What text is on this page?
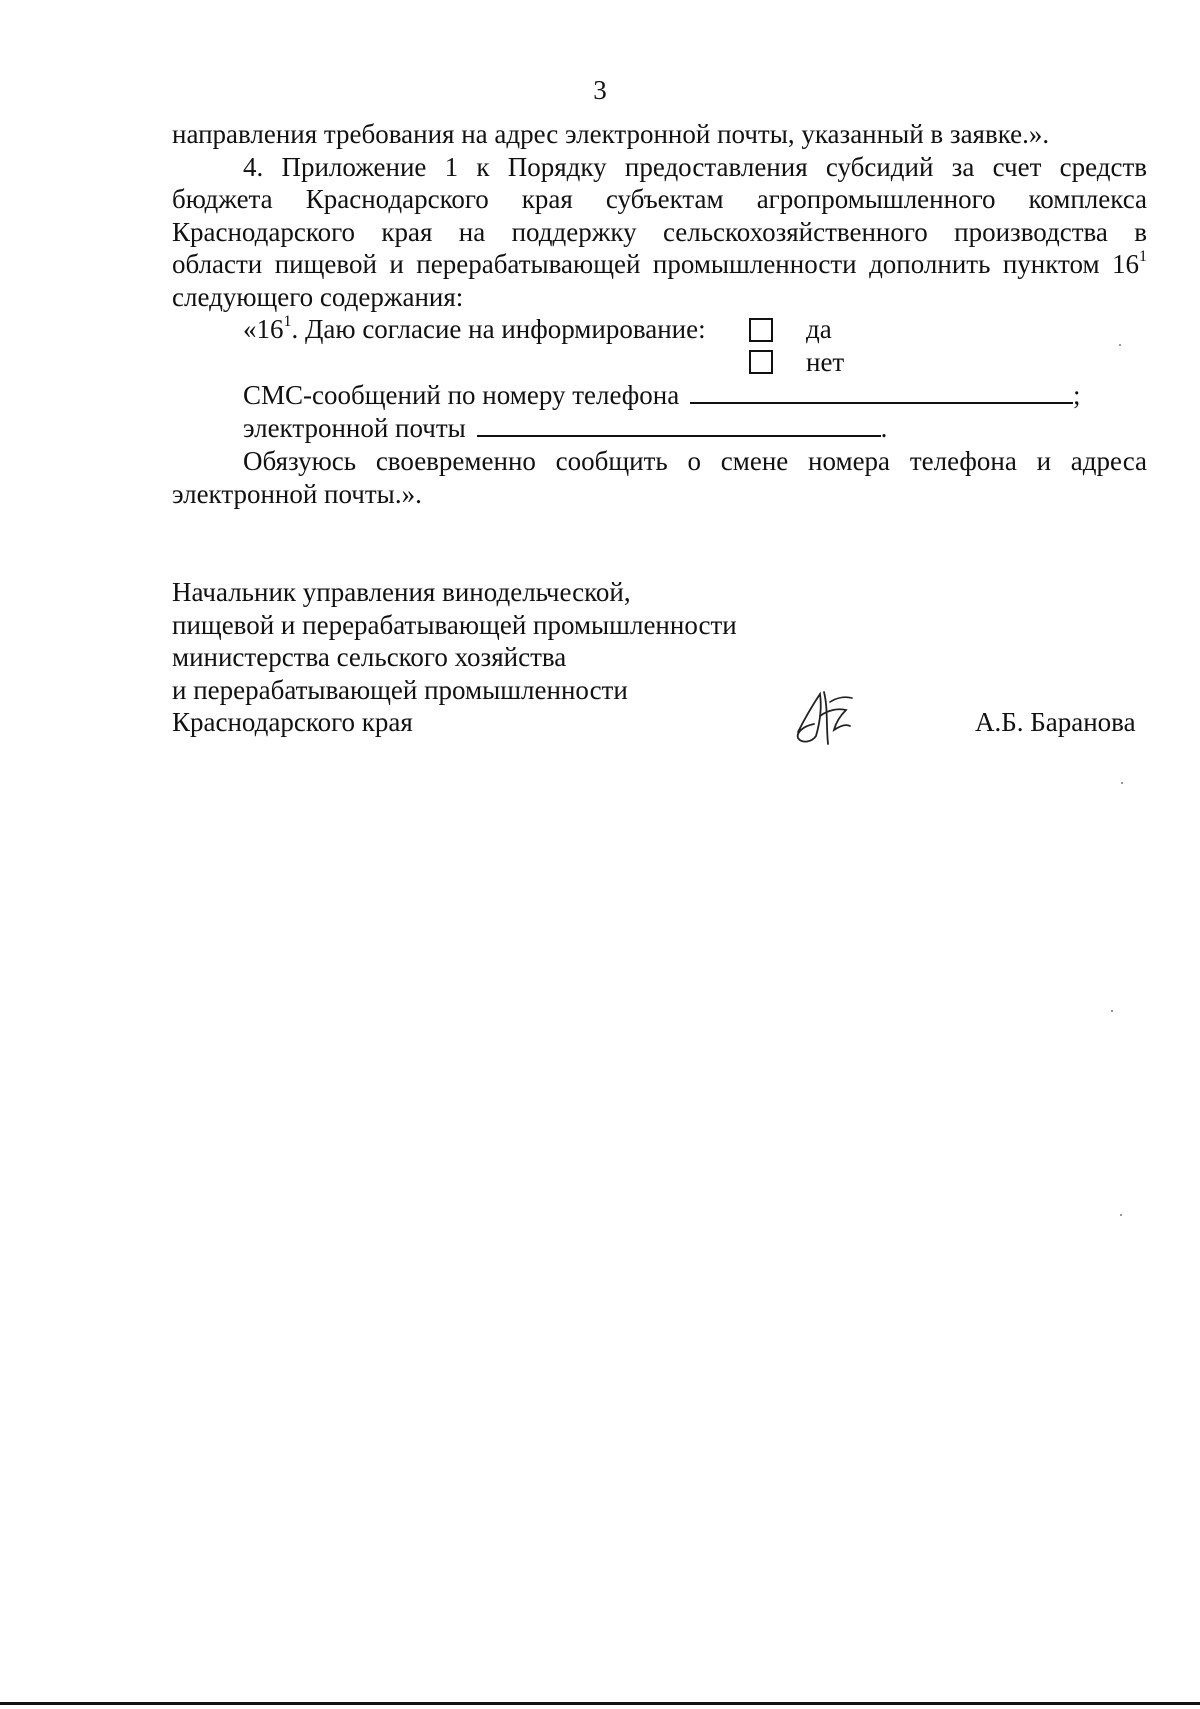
3
направления требования на адрес электронной почты, указанный в заявке.».
4. Приложение 1 к Порядку предоставления субсидий за счет средств
бюджета Краснодарского края субъектам агропромышленного комплекса
Краснодарского края на поддержку сельскохозяйственного производства в
области пищевой и перерабатывающей промышленности дополнить пунктом $16^1$
следующего содержания:
«$16^1$. Даю согласие на информирование:	да
нет
СМС-сообщений по номеру телефона	;
электронной почты	.
Обязуюсь своевременно сообщить о смене номера телефона и адреса
электронной почты.».
Начальник управления винодельческой,
пищевой и перерабатывающей промышленности
министерства сельского хозяйства
и перерабатывающей промышленности
Краснодарского края	А.Б. Баранова
